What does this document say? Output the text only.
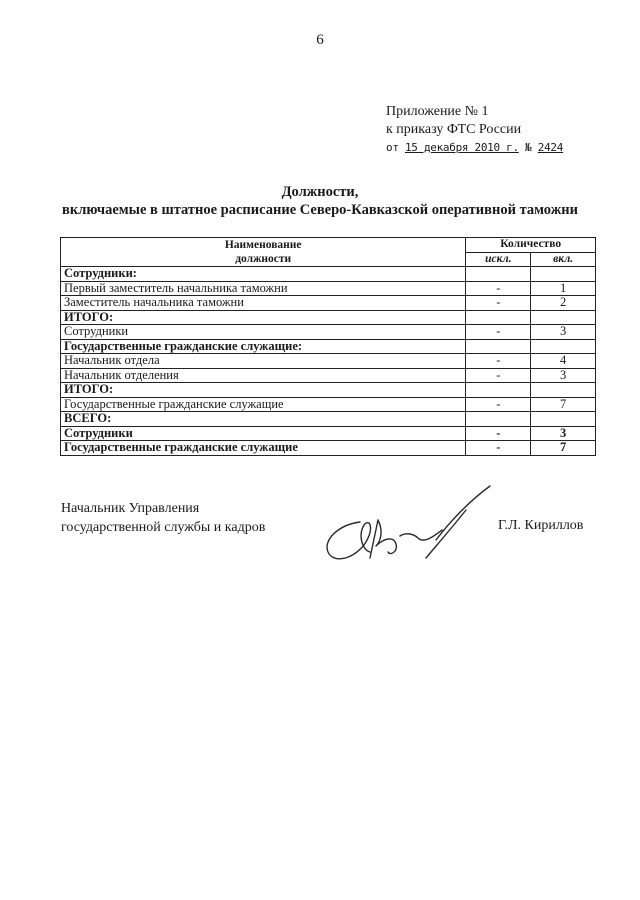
6
Приложение № 1
к приказу ФТС России
от 15 декабря 2010 г. № 2424
Должности,
включаемые в штатное расписание Северо-Кавказской оперативной таможни
Наименование
должности	Количество	
	искл.	вкл.
Сотрудники:		
Первый заместитель начальника таможни	-	1
Заместитель начальника таможни	-	2
ИТОГО:		
Сотрудники	-	3
Государственные гражданские служащие:		
Начальник отдела	-	4
Начальник отделения	-	3
ИТОГО:		
Государственные гражданские служащие	-	7
ВСЕГО:		
Сотрудники	-	3
Государственные гражданские служащие	-	7
Начальник Управления
государственной службы и кадров	Г.Л. Кириллов
